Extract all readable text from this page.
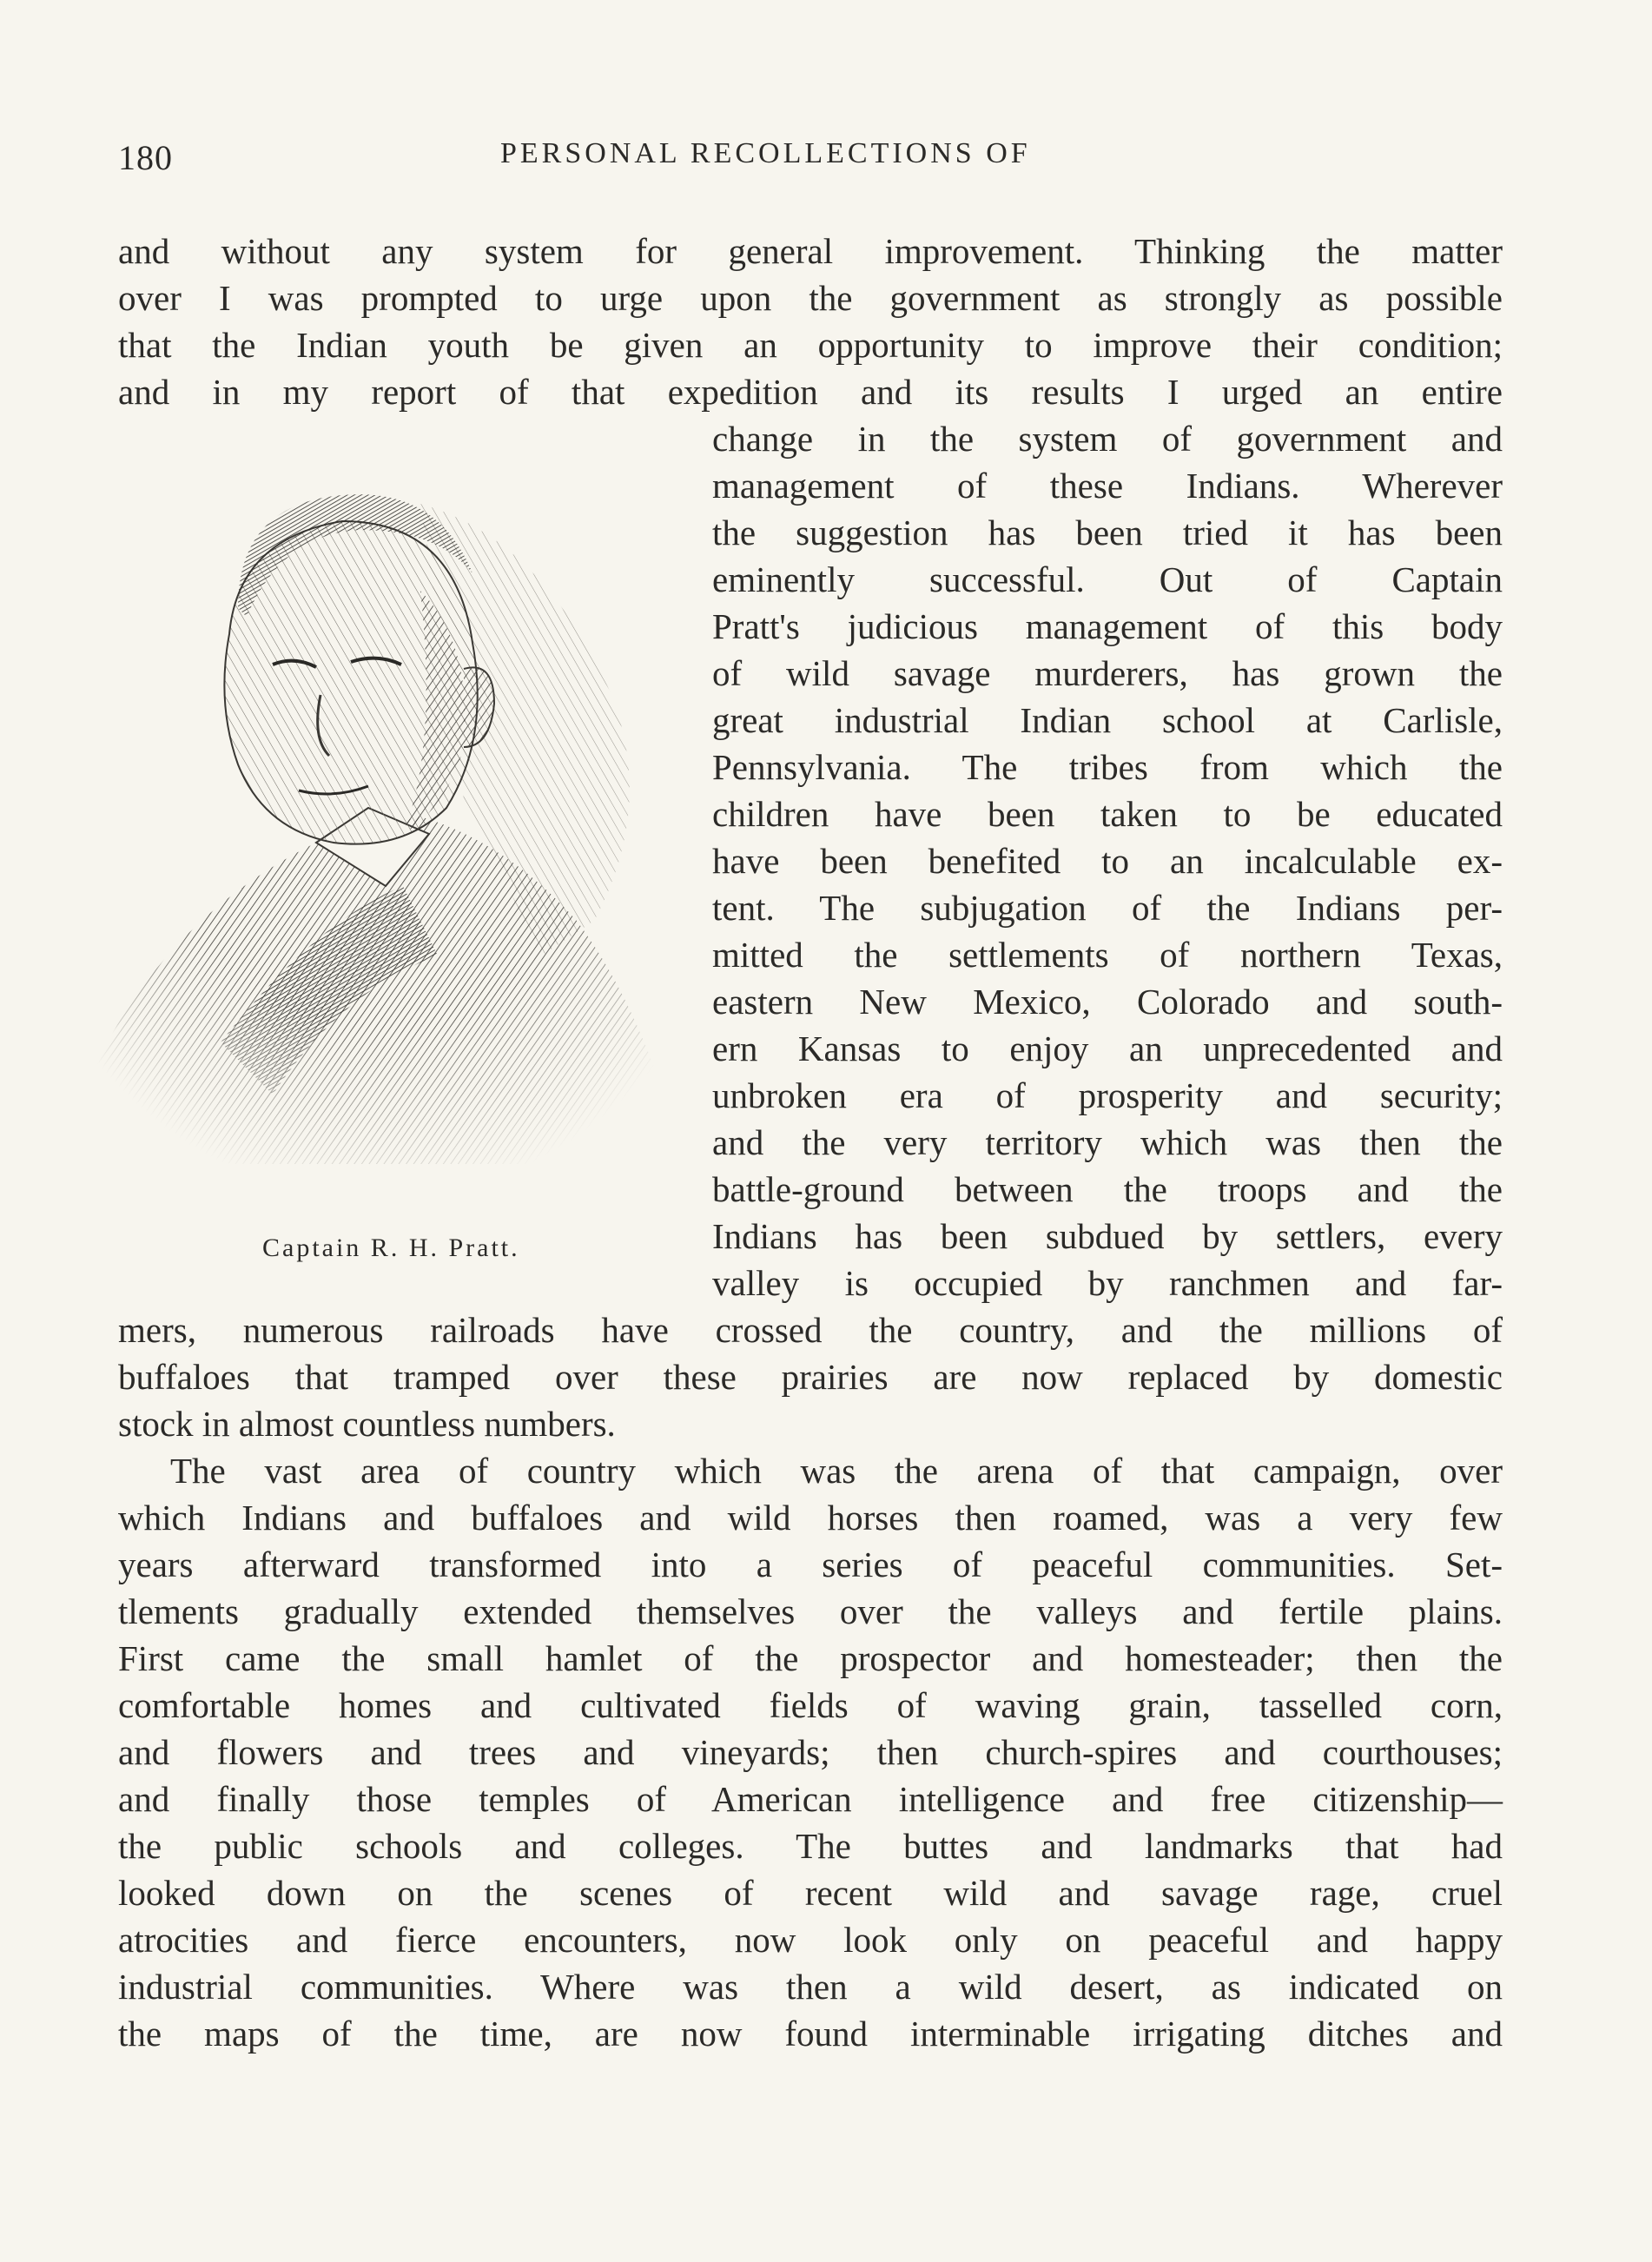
180	PERSONAL RECOLLECTIONS OF

and without any system for general improvement. Thinking the matter

over I was prompted to urge upon the government as strongly as possible

that the Indian youth be given an opportunity to improve their condition;

and in my report of that expedition and its results I urged an entire

change in the system of government and

management of these Indians. Wherever

the suggestion has been tried it has been

eminently successful. Out of Captain

Pratt's judicious management of this body

of wild savage murderers, has grown the

great industrial Indian school at Carlisle,

Pennsylvania. The tribes from which the

children have been taken to be educated

have been benefited to an incalculable ex-

tent. The subjugation of the Indians per-

mitted the settlements of northern Texas,

eastern New Mexico, Colorado and south-

ern Kansas to enjoy an unprecedented and

unbroken era of prosperity and security;

and the very territory which was then the

battle-ground between the troops and the

Indians has been subdued by settlers, every

valley is occupied by ranchmen and far-

mers, numerous railroads have crossed the country, and the millions of

buffaloes that tramped over these prairies are now replaced by domestic

stock in almost countless numbers.

The vast area of country which was the arena of that campaign, over

which Indians and buffaloes and wild horses then roamed, was a very few

years afterward transformed into a series of peaceful communities. Set-

tlements gradually extended themselves over the valleys and fertile plains.

First came the small hamlet of the prospector and homesteader; then the

comfortable homes and cultivated fields of waving grain, tasselled corn,

and flowers and trees and vineyards; then church-spires and courthouses;

and finally those temples of American intelligence and free citizenship—

the public schools and colleges. The buttes and landmarks that had

looked down on the scenes of recent wild and savage rage, cruel

atrocities and fierce encounters, now look only on peaceful and happy

industrial communities. Where was then a wild desert, as indicated on

the maps of the time, are now found interminable irrigating ditches and

Captain R. H. Pratt.
